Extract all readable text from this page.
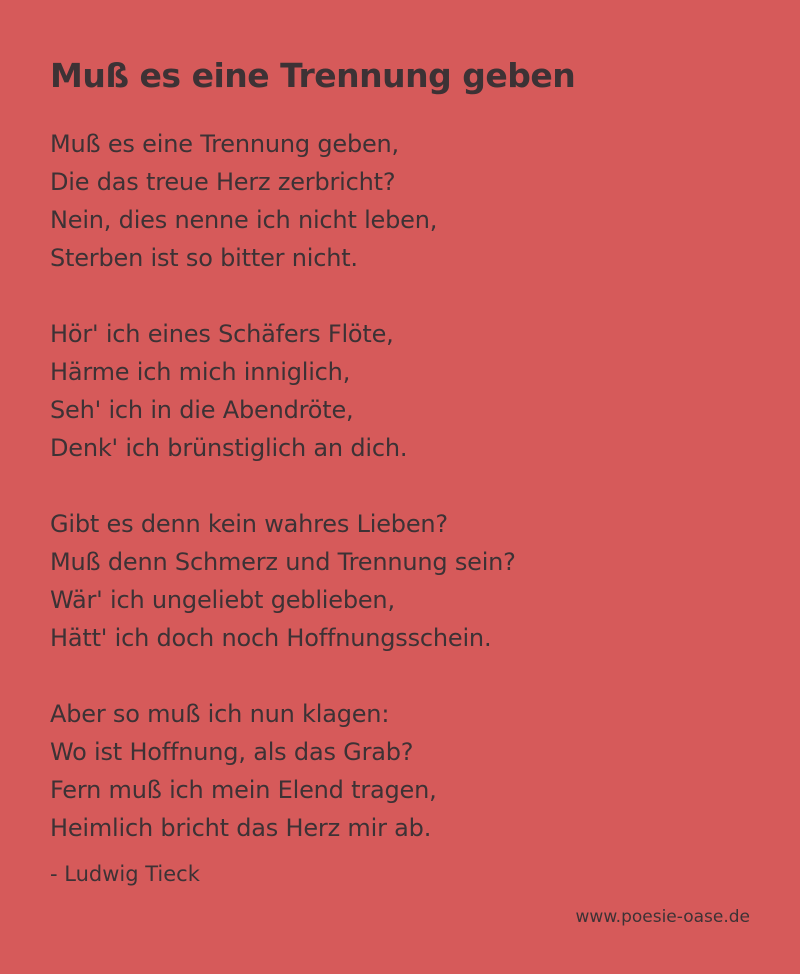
Muß es eine Trennung geben
Muß es eine Trennung geben,
Die das treue Herz zerbricht?
Nein, dies nenne ich nicht leben,
Sterben ist so bitter nicht.
Hör' ich eines Schäfers Flöte,
Härme ich mich inniglich,
Seh' ich in die Abendröte,
Denk' ich brünstiglich an dich.
Gibt es denn kein wahres Lieben?
Muß denn Schmerz und Trennung sein?
Wär' ich ungeliebt geblieben,
Hätt' ich doch noch Hoffnungsschein.
Aber so muß ich nun klagen:
Wo ist Hoffnung, als das Grab?
Fern muß ich mein Elend tragen,
Heimlich bricht das Herz mir ab.

- Ludwig Tieck

www.poesie-oase.de
